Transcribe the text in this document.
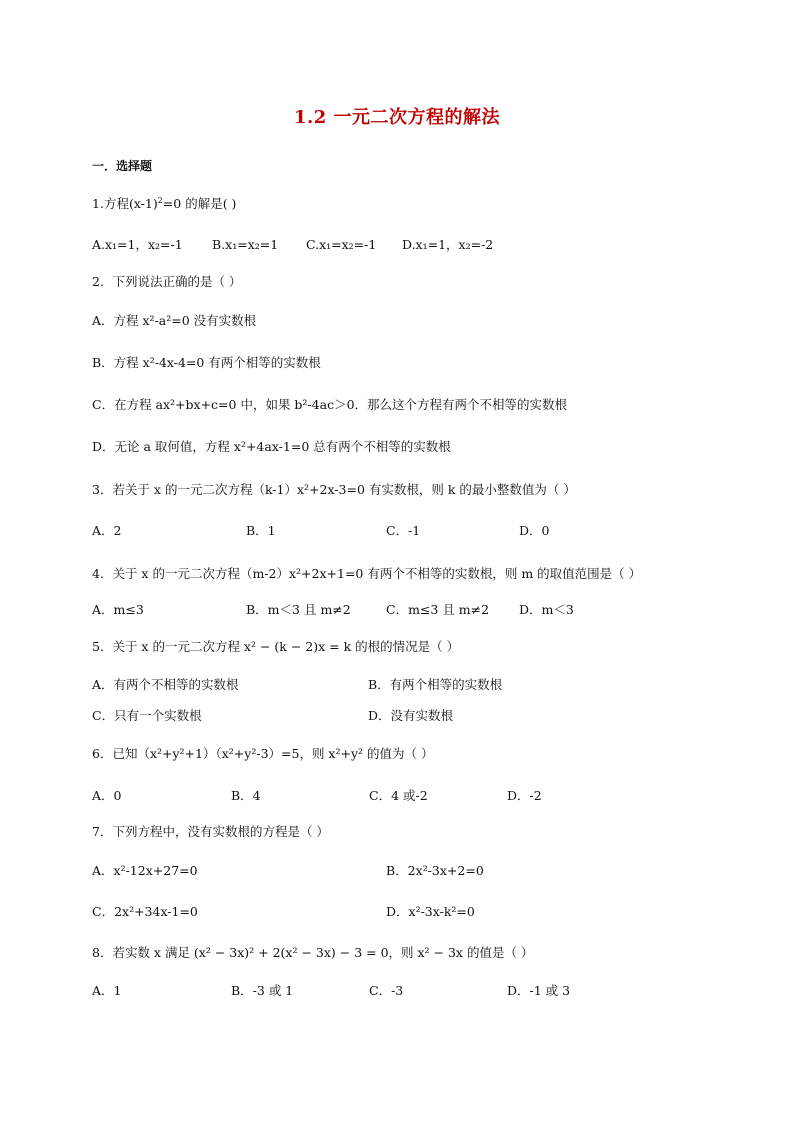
1.2 一元二次方程的解法
一．选择题
1.方程$(x-1)^2=0$ 的解是( )
A.x₁=1，x₂=-1 B.x₁=x₂=1 C.x₁=x₂=-1 D.x₁=1，x₂=-2
2．下列说法正确的是（ ）
A．方程 x²-a²=0 没有实数根
B．方程 x²-4x-4=0 有两个相等的实数根
C．在方程 ax²+bx+c=0 中，如果 b²-4ac＞0．那么这个方程有两个不相等的实数根
D．无论 a 取何值，方程 x²+4ax-1=0 总有两个不相等的实数根
3．若关于 x 的一元二次方程（k-1）x²+2x-3=0 有实数根，则 k 的最小整数值为（ ）
A．2	B．1	C．-1	D．0
4．关于 x 的一元二次方程（m-2）x²+2x+1=0 有两个不相等的实数根，则 m 的取值范围是（ ）
A．m≤3	B．m＜3 且 m≠2	C．m≤3 且 m≠2 D．m＜3
5．关于 x 的一元二次方程 x² − (k − 2)x = k 的根的情况是（ ）
A．有两个不相等的实数根	B．有两个相等的实数根
C．只有一个实数根	D．没有实数根
6．已知（x²+y²+1）（x²+y²-3）=5，则 x²+y² 的值为（ ）
A．0	B．4	C．4 或-2	D．-2
7．下列方程中，没有实数根的方程是（ ）
A．x²-12x+27=0	B．2x²-3x+2=0
C．2x²+34x-1=0	D．x²-3x-k²=0
8．若实数 x 满足 (x² − 3x)² + 2(x² − 3x) − 3 = 0，则 x² − 3x 的值是（ ）
A．1	B．-3 或 1	C．-3	D．-1 或 3
